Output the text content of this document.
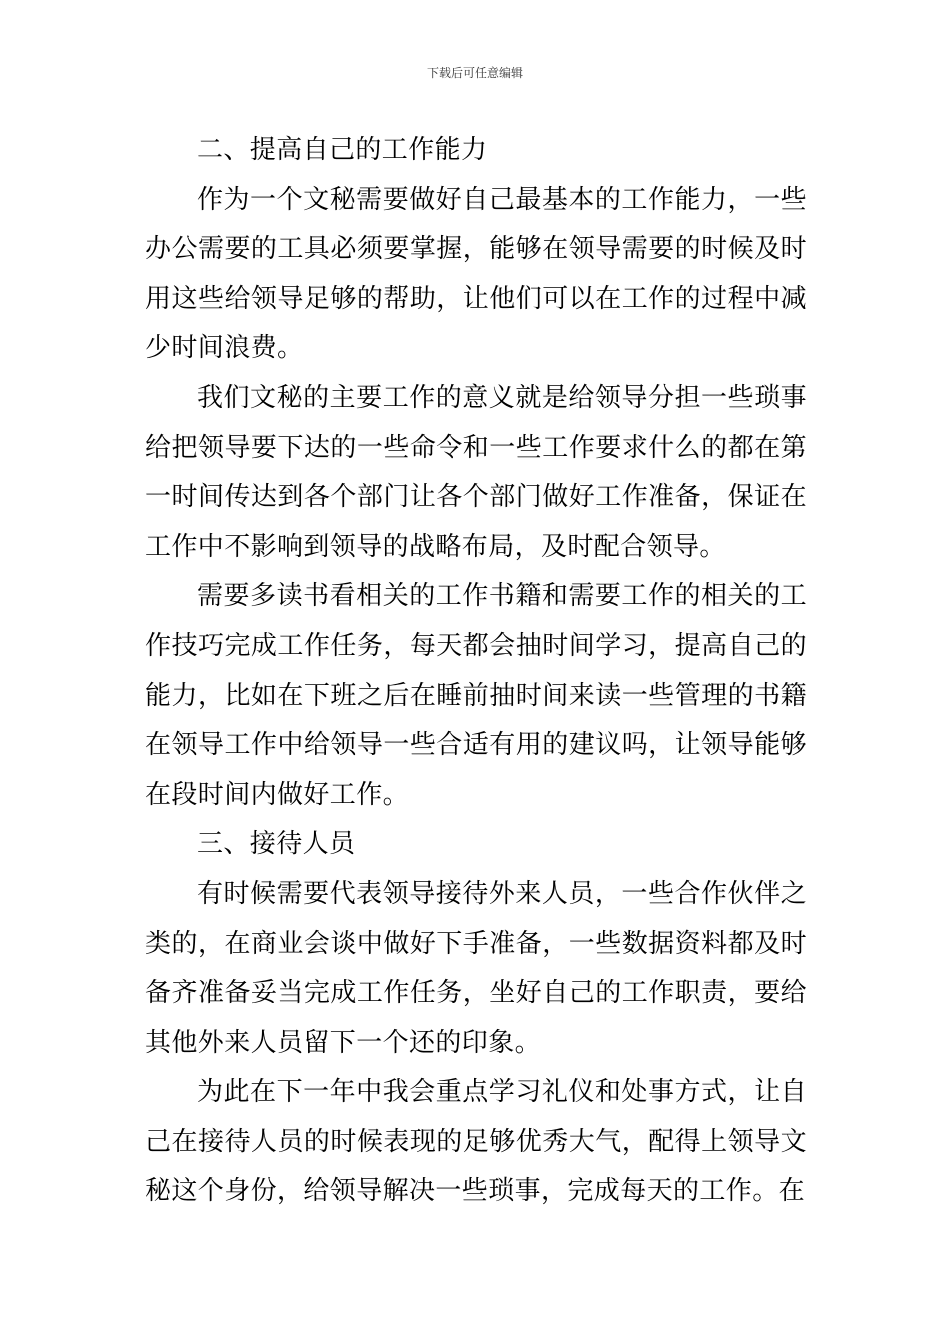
下载后可任意编辑

二、提高自己的工作能力

作为一个文秘需要做好自己最基本的工作能力，一些办公需要的工具必须要掌握，能够在领导需要的时候及时用这些给领导足够的帮助，让他们可以在工作的过程中减少时间浪费。

我们文秘的主要工作的意义就是给领导分担一些琐事给把领导要下达的一些命令和一些工作要求什么的都在第一时间传达到各个部门让各个部门做好工作准备，保证在工作中不影响到领导的战略布局，及时配合领导。

需要多读书看相关的工作书籍和需要工作的相关的工作技巧完成工作任务，每天都会抽时间学习，提高自己的能力，比如在下班之后在睡前抽时间来读一些管理的书籍在领导工作中给领导一些合适有用的建议吗，让领导能够在段时间内做好工作。

三、接待人员

有时候需要代表领导接待外来人员，一些合作伙伴之类的，在商业会谈中做好下手准备，一些数据资料都及时备齐准备妥当完成工作任务，坐好自己的工作职责，要给其他外来人员留下一个还的印象。

为此在下一年中我会重点学习礼仪和处事方式，让自己在接待人员的时候表现的足够优秀大气，配得上领导文秘这个身份，给领导解决一些琐事，完成每天的工作。在
